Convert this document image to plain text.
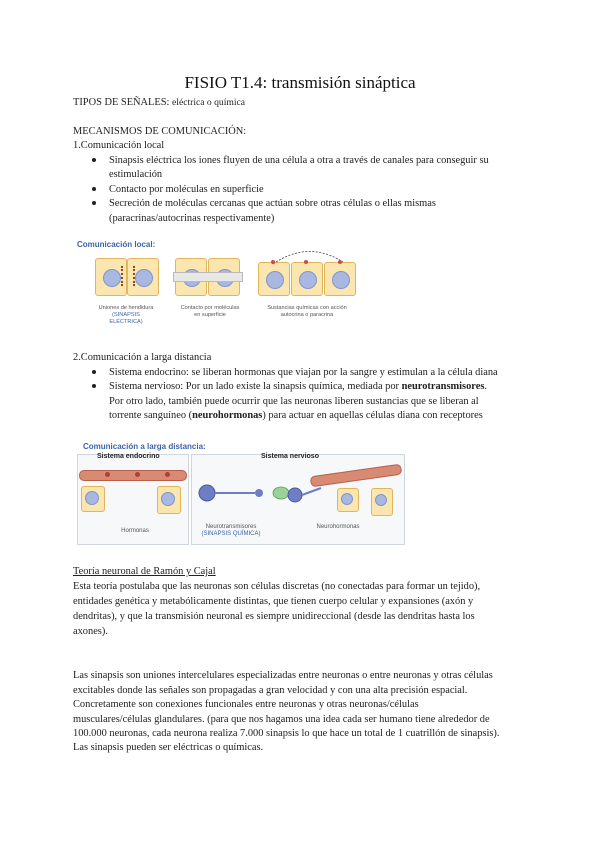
FISIO T1.4: transmisión sináptica
TIPOS DE SEÑALES: eléctrica o química
MECANISMOS DE COMUNICACIÓN:
1.Comunicación local
Sinapsis eléctrica los iones fluyen de una célula a otra a través de canales para conseguir su
estimulación
Contacto por moléculas en superficie
Secreción de moléculas cercanas que actúan sobre otras células o ellas mismas
(paracrinas/autocrinas respectivamente)
Comunicación local:
Uniones de hendidura
(SINAPSIS
ELÉCTRICA)
Contacto por moléculas
en superficie
Sustancias químicas con acción
autocrina o paracrina
2.Comunicación a larga distancia
Sistema endocrino: se liberan hormonas que viajan por la sangre y estimulan a la célula diana
Sistema nervioso: Por un lado existe la sinapsis química, mediada por neurotransmisores.
Por otro lado, también puede ocurrir que las neuronas liberen sustancias que se liberan al
torrente sanguíneo (neurohormonas) para actuar en aquellas células diana con receptores
Comunicación a larga distancia:
Sistema endocrino	Sistema nervioso
Hormonas
Neurotransmisores
(SINAPSIS QUÍMICA)
Neurohormonas
Teoría neuronal de Ramón y Cajal
Esta teoría postulaba que las neuronas son células discretas (no conectadas para formar un tejido),
entidades genética y metabólicamente distintas, que tienen cuerpo celular y expansiones (axón y
dendritas), y que la transmisión neuronal es siempre unidireccional (desde las dendritas hasta los
axones).
Las sinapsis son uniones intercelulares especializadas entre neuronas o entre neuronas y otras células
excitables donde las señales son propagadas a gran velocidad y con una alta precisión espacial.
Concretamente son conexiones funcionales entre neuronas y otras neuronas/células
musculares/células glandulares. (para que nos hagamos una idea cada ser humano tiene alrededor de
100.000 neuronas, cada neurona realiza 7.000 sinapsis lo que hace un total de 1 cuatrillón de sinapsis).
Las sinapsis pueden ser eléctricas o químicas.
